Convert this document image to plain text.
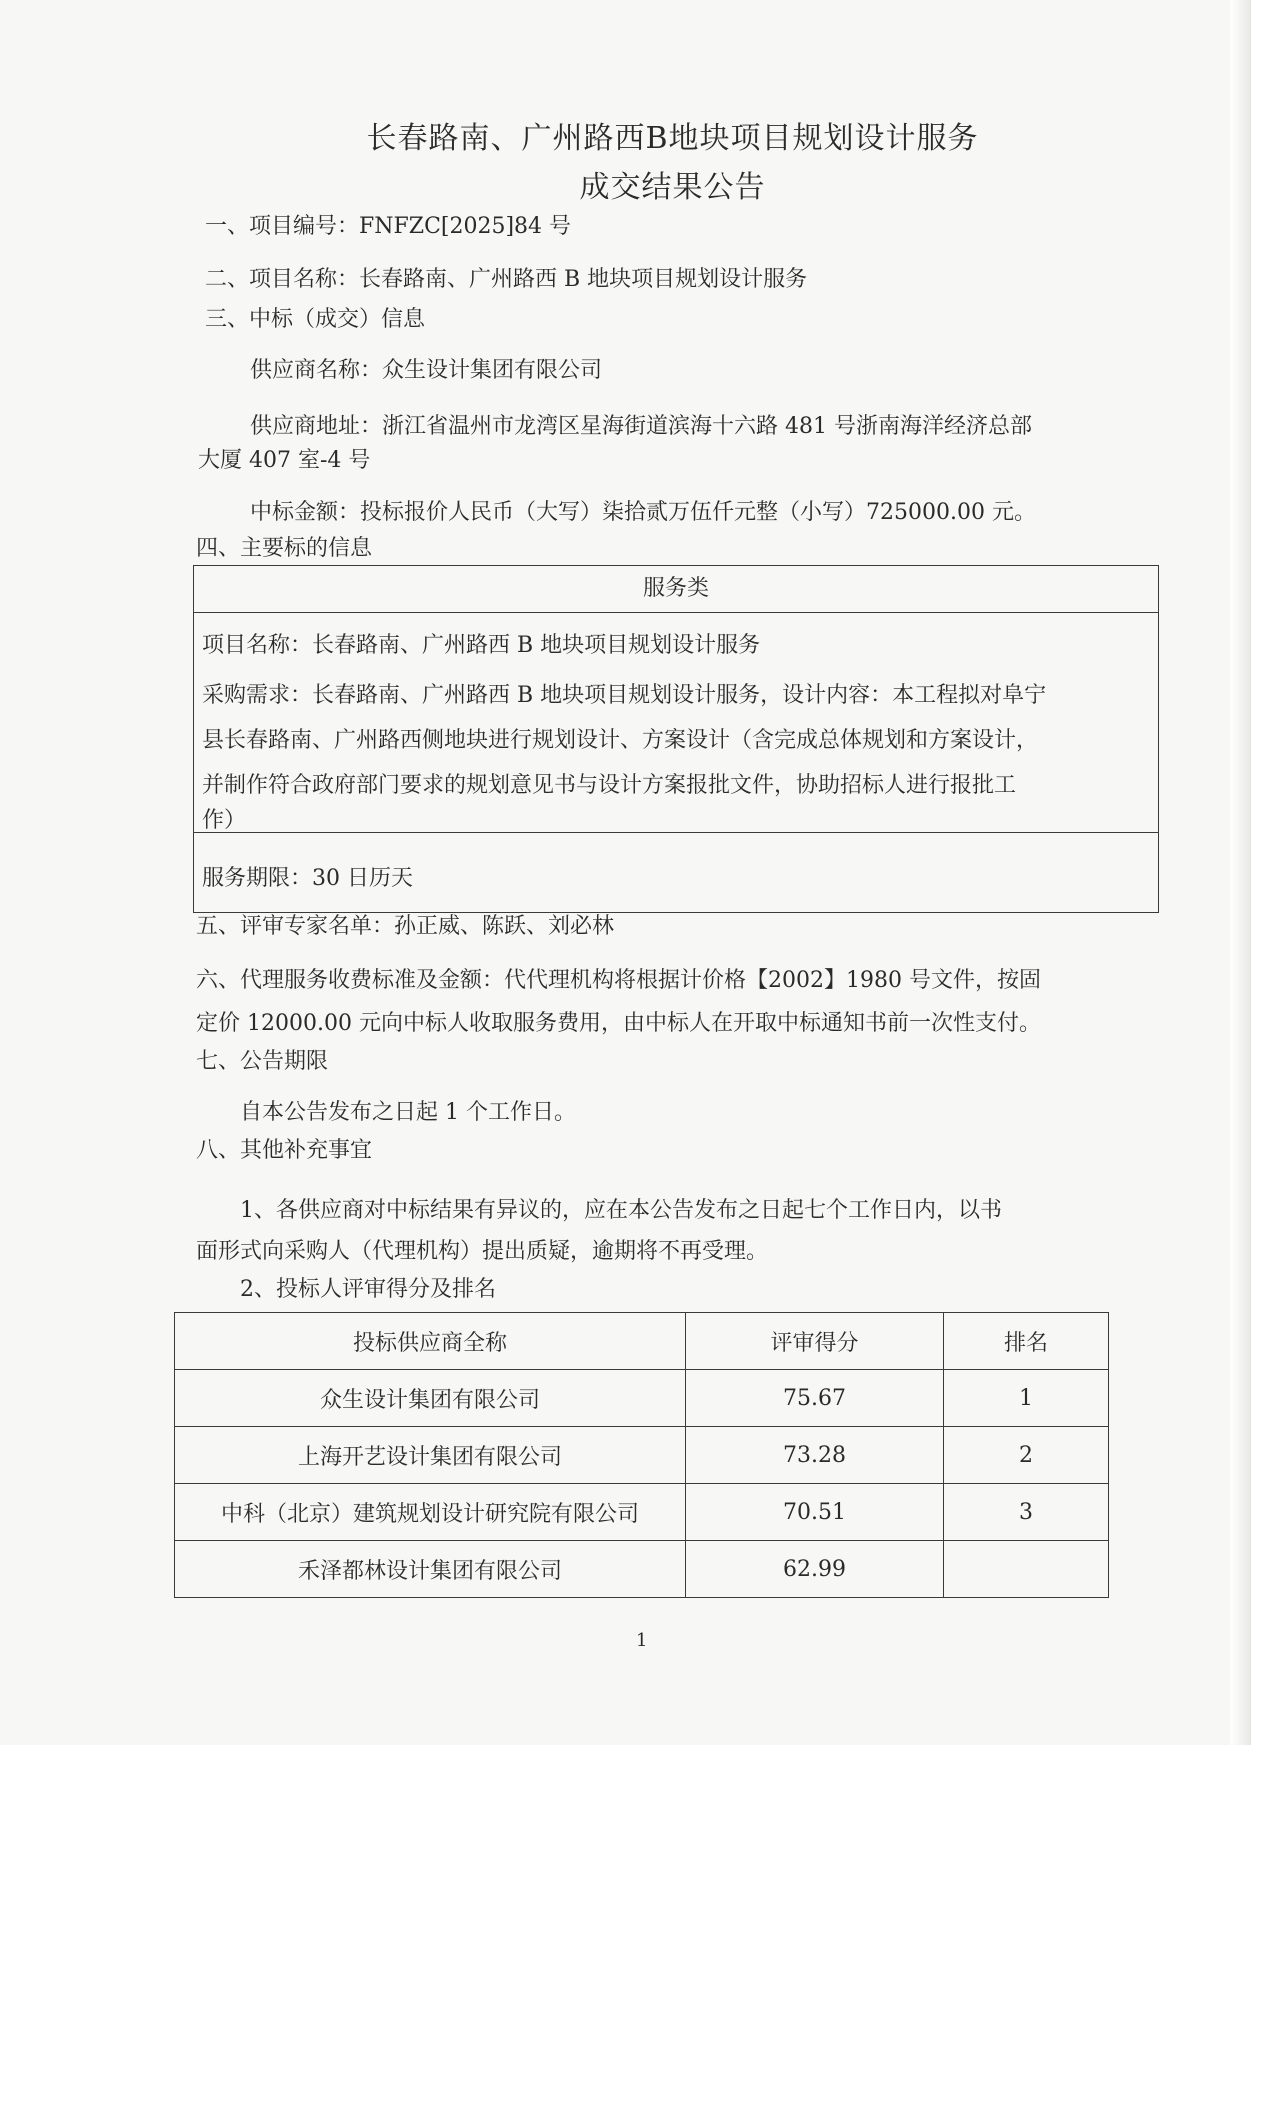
长春路南、广州路西B地块项目规划设计服务
成交结果公告
一、项目编号：FNFZC[2025]84 号
二、项目名称：长春路南、广州路西 B 地块项目规划设计服务
三、中标（成交）信息
供应商名称：众生设计集团有限公司
供应商地址：浙江省温州市龙湾区星海街道滨海十六路 481 号浙南海洋经济总部
大厦 407 室-4 号
中标金额：投标报价人民币（大写）柒拾贰万伍仟元整（小写）725000.00 元。
四、主要标的信息
服务类
项目名称：长春路南、广州路西 B 地块项目规划设计服务
采购需求：长春路南、广州路西 B 地块项目规划设计服务，设计内容：本工程拟对阜宁
县长春路南、广州路西侧地块进行规划设计、方案设计（含完成总体规划和方案设计，
并制作符合政府部门要求的规划意见书与设计方案报批文件，协助招标人进行报批工
作）
服务期限：30 日历天
五、评审专家名单：孙正威、陈跃、刘必林
六、代理服务收费标准及金额：代代理机构将根据计价格【2002】1980 号文件，按固
定价 12000.00 元向中标人收取服务费用，由中标人在开取中标通知书前一次性支付。
七、公告期限
自本公告发布之日起 1 个工作日。
八、其他补充事宜
1、各供应商对中标结果有异议的，应在本公告发布之日起七个工作日内，以书
面形式向采购人（代理机构）提出质疑，逾期将不再受理。
2、投标人评审得分及排名
投标供应商全称	评审得分	排名
众生设计集团有限公司	75.67	1
上海开艺设计集团有限公司	73.28	2
中科（北京）建筑规划设计研究院有限公司	70.51	3
禾泽都林设计集团有限公司	62.99	
1
